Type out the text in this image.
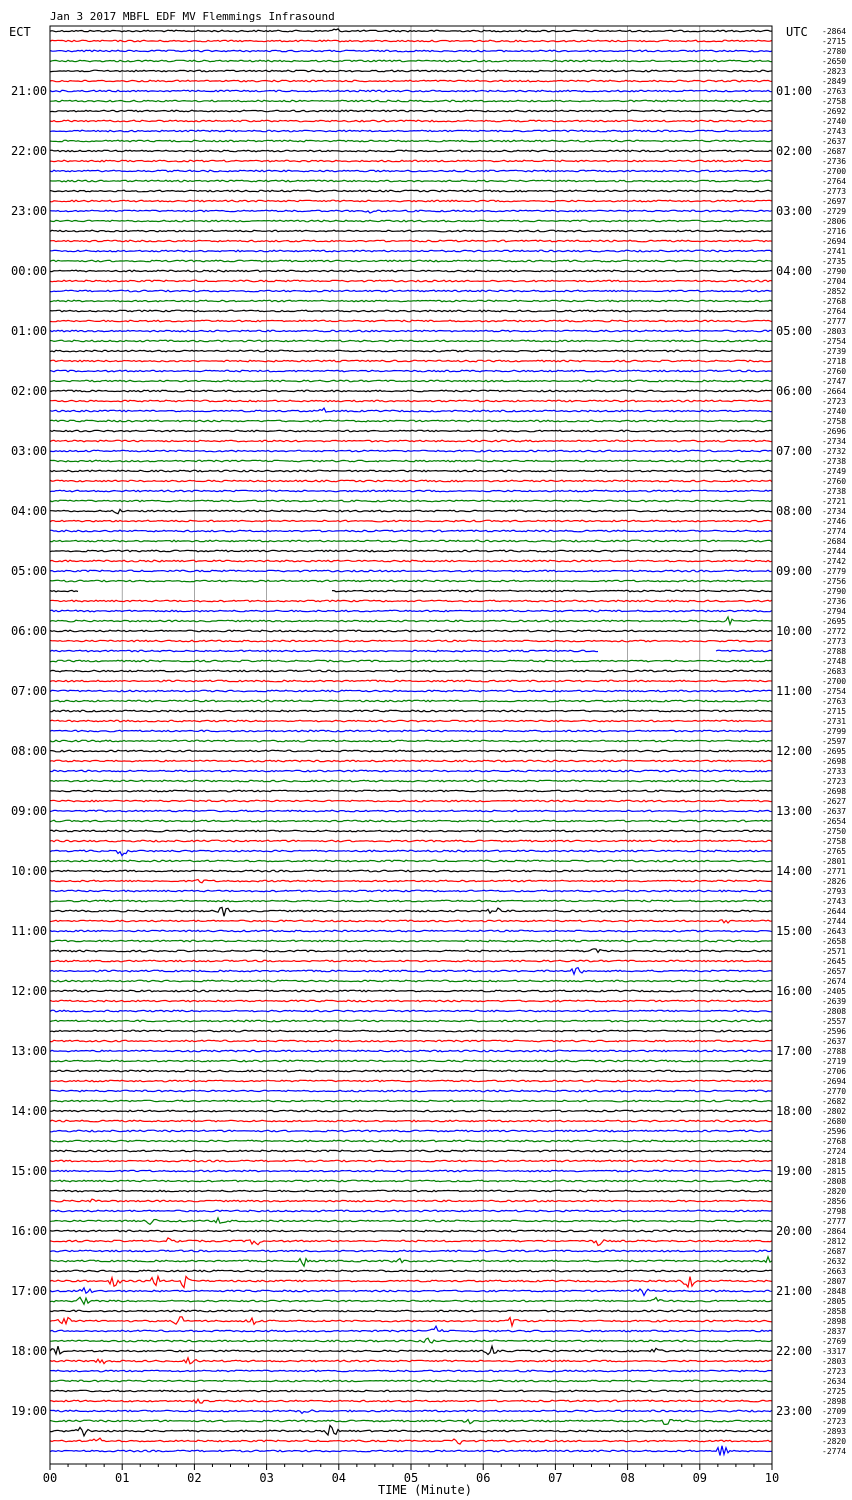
Jan 3 2017 MBFL EDF MV Flemmings Infrasound
ECT	UTC
21:00
22:00
23:00
00:00
01:00
02:00
03:00
04:00
05:00
06:00
07:00
08:00
09:00
10:00
11:00
12:00
13:00
14:00
15:00
16:00
17:00
18:00
19:00
01:00
02:00
03:00
04:00
05:00
06:00
07:00
08:00
09:00
10:00
11:00
12:00
13:00
14:00
15:00
16:00
17:00
18:00
19:00
20:00
21:00
22:00
23:00
-2864
-2715
-2780
-2650
-2823
-2849
-2763
-2758
-2692
-2740
-2743
-2637
-2687
-2736
-2700
-2764
-2773
-2697
-2729
-2806
-2716
-2694
-2741
-2735
-2790
-2704
-2852
-2768
-2764
-2777
-2803
-2754
-2739
-2718
-2760
-2747
-2664
-2723
-2740
-2758
-2696
-2734
-2732
-2738
-2749
-2760
-2738
-2721
-2734
-2746
-2774
-2684
-2744
-2742
-2779
-2756
-2790
-2736
-2794
-2695
-2772
-2773
-2788
-2748
-2683
-2700
-2754
-2763
-2715
-2731
-2799
-2597
-2695
-2698
-2733
-2723
-2698
-2627
-2637
-2654
-2750
-2758
-2765
-2801
-2771
-2826
-2793
-2743
-2644
-2744
-2643
-2658
-2571
-2645
-2657
-2674
-2405
-2639
-2808
-2557
-2596
-2637
-2788
-2719
-2706
-2694
-2770
-2682
-2802
-2680
-2596
-2768
-2724
-2818
-2815
-2808
-2820
-2856
-2798
-2777
-2864
-2812
-2687
-2632
-2663
-2807
-2848
-2805
-2858
-2898
-2837
-2769
-3317
-2803
-2723
-2634
-2725
-2898
-2709
-2723
-2893
-2820
-2774
00	01	02	03	04	05	06	07	08	09	10
TIME (Minute)
